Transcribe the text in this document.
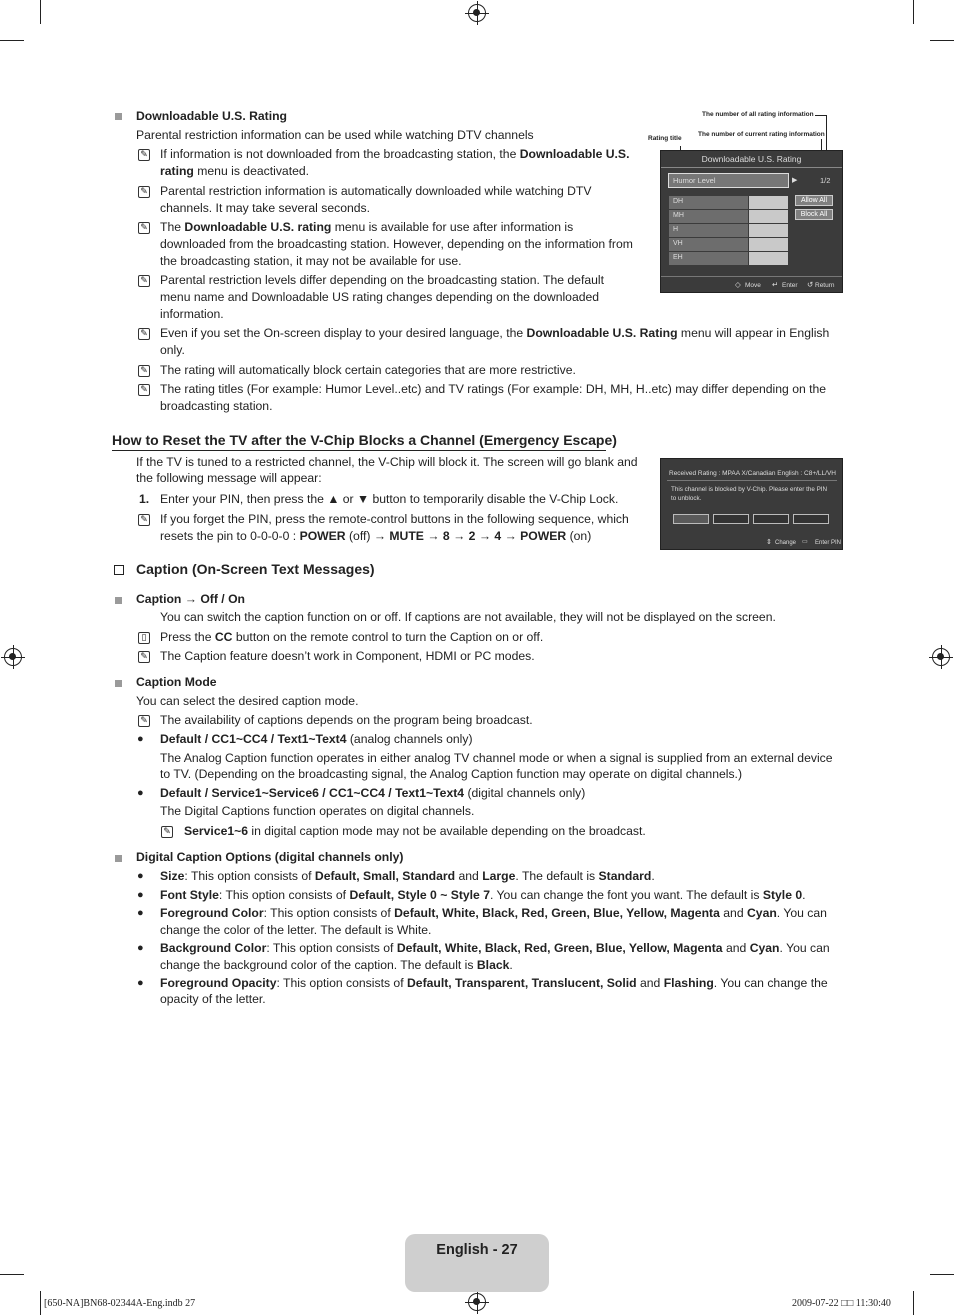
Downloadable U.S. Rating
Parental restriction information can be used while watching DTV channels
✎ If information is not downloaded from the broadcasting station, the Downloadable U.S.
rating menu is deactivated.
✎ Parental restriction information is automatically downloaded while watching DTV
channels. It may take several seconds.
✎ The Downloadable U.S. rating menu is available for use after information is
downloaded from the broadcasting station. However, depending on the information from
the broadcasting station, it may not be available for use.
✎ Parental restriction levels differ depending on the broadcasting station. The default
menu name and Downloadable US rating changes depending on the downloaded
information.
✎ Even if you set the On-screen display to your desired language, the Downloadable U.S. Rating menu will appear in English
only.
✎ The rating will automatically block certain categories that are more restrictive.
✎ The rating titles (For example: Humor Level..etc) and TV ratings (For example: DH, MH, H..etc) may differ depending on the
broadcasting station.
The number of all rating information
The number of current rating information
Rating title
Downloadable U.S. Rating
Humor Level	▶	1/2
DH
MH
H
VH
EH
Allow All
Block All
◇ Move ↵ Enter ↺ Return
How to Reset the TV after the V-Chip Blocks a Channel (Emergency Escape)
If the TV is tuned to a restricted channel, the V-Chip will block it. The screen will go blank and
the following message will appear:
1. Enter your PIN, then press the ▲ or ▼ button to temporarily disable the V-Chip Lock.
✎ If you forget the PIN, press the remote-control buttons in the following sequence, which
resets the pin to 0-0-0-0 : POWER (off) → MUTE → 8 → 2 → 4 → POWER (on)
Received Rating : MPAA X/Canadian English : C8+/LL/VH
This channel is blocked by V-Chip. Please enter the PIN
to unblock.
⇕ Change ▭ Enter PIN
Caption (On-Screen Text Messages)
Caption → Off / On
You can switch the caption function on or off. If captions are not available, they will not be displayed on the screen.
▯ Press the CC button on the remote control to turn the Caption on or off.
✎ The Caption feature doesn’t work in Component, HDMI or PC modes.
Caption Mode
You can select the desired caption mode.
✎ The availability of captions depends on the program being broadcast.
● Default / CC1~CC4 / Text1~Text4 (analog channels only)
The Analog Caption function operates in either analog TV channel mode or when a signal is supplied from an external device
to TV. (Depending on the broadcasting signal, the Analog Caption function may operate on digital channels.)
● Default / Service1~Service6 / CC1~CC4 / Text1~Text4 (digital channels only)
The Digital Captions function operates on digital channels.
✎ Service1~6 in digital caption mode may not be available depending on the broadcast.
Digital Caption Options (digital channels only)
● Size: This option consists of Default, Small, Standard and Large. The default is Standard.
● Font Style: This option consists of Default, Style 0 ~ Style 7. You can change the font you want. The default is Style 0.
● Foreground Color: This option consists of Default, White, Black, Red, Green, Blue, Yellow, Magenta and Cyan. You can
change the color of the letter. The default is White.
● Background Color: This option consists of Default, White, Black, Red, Green, Blue, Yellow, Magenta and Cyan. You can
change the background color of the caption. The default is Black.
● Foreground Opacity: This option consists of Default, Transparent, Translucent, Solid and Flashing. You can change the
opacity of the letter.
English - 27
[650-NA]BN68-02344A-Eng.indb 27	2009-07-22 □□ 11:30:40
